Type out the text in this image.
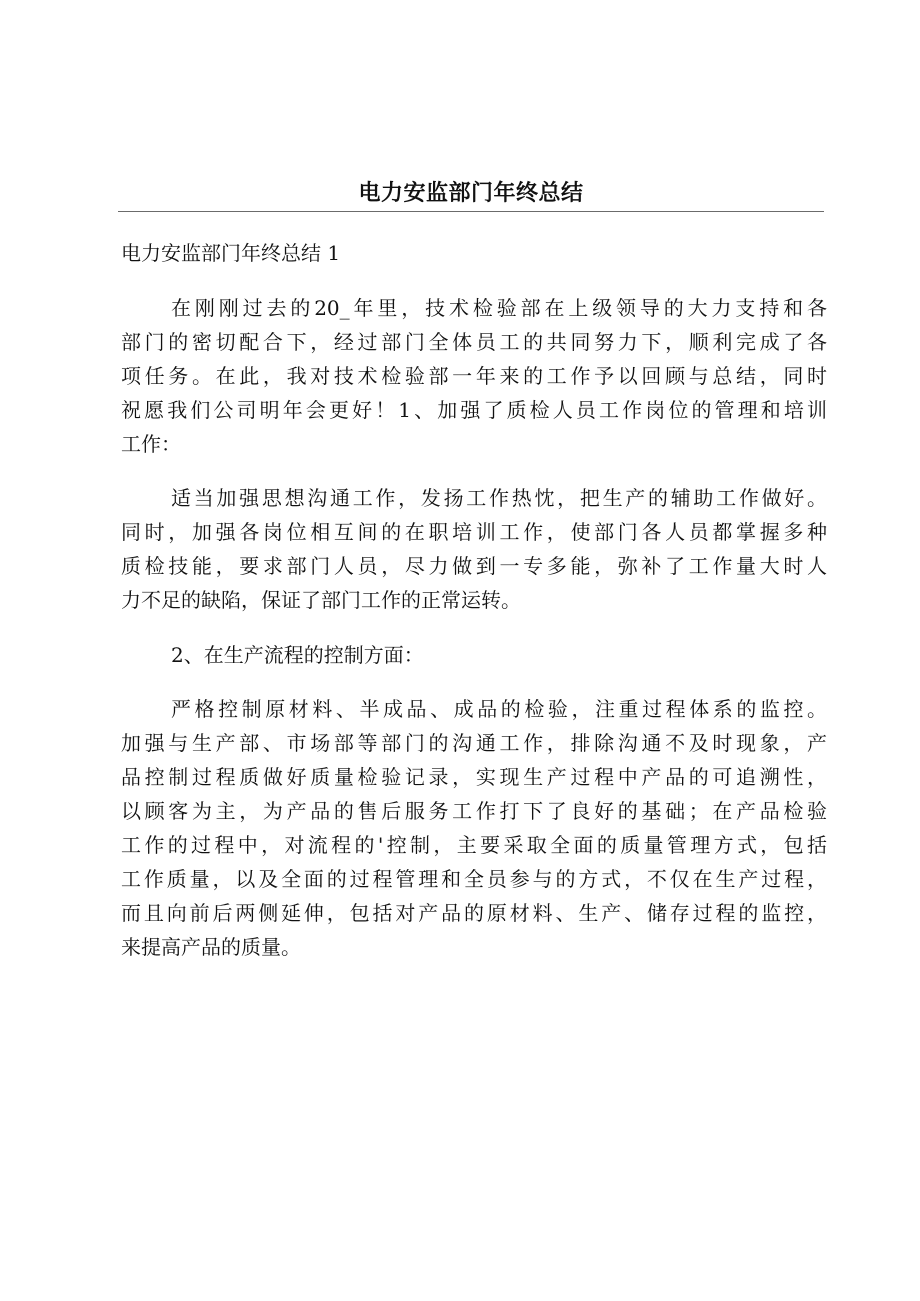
电力安监部门年终总结
电力安监部门年终总结 1
在刚刚过去的20_年里，技术检验部在上级领导的大力支持和各
部门的密切配合下，经过部门全体员工的共同努力下，顺利完成了各
项任务。在此，我对技术检验部一年来的工作予以回顾与总结，同时
祝愿我们公司明年会更好！1、加强了质检人员工作岗位的管理和培训
工作：
适当加强思想沟通工作，发扬工作热忱，把生产的辅助工作做好。
同时，加强各岗位相互间的在职培训工作，使部门各人员都掌握多种
质检技能，要求部门人员，尽力做到一专多能，弥补了工作量大时人
力不足的缺陷，保证了部门工作的正常运转。
2、在生产流程的控制方面：
严格控制原材料、半成品、成品的检验，注重过程体系的监控。
加强与生产部、市场部等部门的沟通工作，排除沟通不及时现象，产
品控制过程质做好质量检验记录，实现生产过程中产品的可追溯性，
以顾客为主，为产品的售后服务工作打下了良好的基础；在产品检验
工作的过程中，对流程的'控制，主要采取全面的质量管理方式，包括
工作质量，以及全面的过程管理和全员参与的方式，不仅在生产过程，
而且向前后两侧延伸，包括对产品的原材料、生产、储存过程的监控，
来提高产品的质量。
